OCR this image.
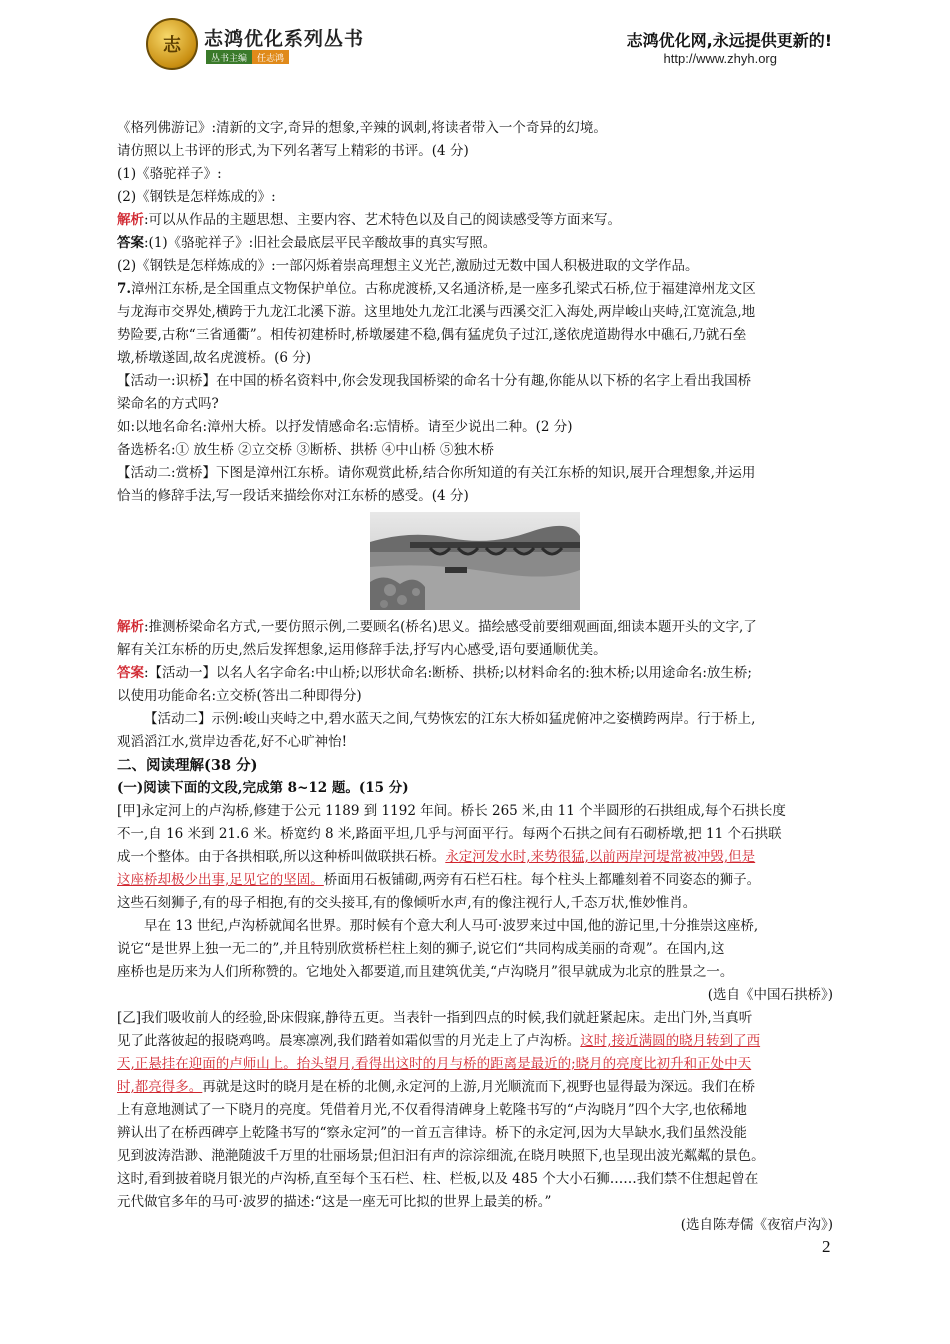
志 志鸿优化系列丛书
丛书主编	任志鸿
志鸿优化网,永远提供更新的!
http://www.zhyh.org
《格列佛游记》:清新的文字,奇异的想象,辛辣的讽刺,将读者带入一个奇异的幻境。
请仿照以上书评的形式,为下列名著写上精彩的书评。(4 分)
(1)《骆驼祥子》:
(2)《钢铁是怎样炼成的》:
解析:可以从作品的主题思想、主要内容、艺术特色以及自己的阅读感受等方面来写。
答案:(1)《骆驼祥子》:旧社会最底层平民辛酸故事的真实写照。
(2)《钢铁是怎样炼成的》:一部闪烁着崇高理想主义光芒,激励过无数中国人积极进取的文学作品。
7.漳州江东桥,是全国重点文物保护单位。古称虎渡桥,又名通济桥,是一座多孔梁式石桥,位于福建漳州龙文区
与龙海市交界处,横跨于九龙江北溪下游。这里地处九龙江北溪与西溪交汇入海处,两岸峻山夹峙,江宽流急,地
势险要,古称“三省通衢”。相传初建桥时,桥墩屡建不稳,偶有猛虎负子过江,遂依虎道勘得水中礁石,乃就石垒
墩,桥墩遂固,故名虎渡桥。(6 分)
【活动一:识桥】在中国的桥名资料中,你会发现我国桥梁的命名十分有趣,你能从以下桥的名字上看出我国桥
梁命名的方式吗?
如:以地名命名:漳州大桥。以抒发情感命名:忘情桥。请至少说出二种。(2 分)
备选桥名:① 放生桥 ②立交桥 ③断桥、拱桥 ④中山桥 ⑤独木桥
【活动二:赏桥】下图是漳州江东桥。请你观赏此桥,结合你所知道的有关江东桥的知识,展开合理想象,并运用
恰当的修辞手法,写一段话来描绘你对江东桥的感受。(4 分)
解析:推测桥梁命名方式,一要仿照示例,二要顾名(桥名)思义。描绘感受前要细观画面,细读本题开头的文字,了
解有关江东桥的历史,然后发挥想象,运用修辞手法,抒写内心感受,语句要通顺优美。
答案:【活动一】以名人名字命名:中山桥;以形状命名:断桥、拱桥;以材料命名的:独木桥;以用途命名:放生桥;
以使用功能命名:立交桥(答出二种即得分)
【活动二】示例:峻山夹峙之中,碧水蓝天之间,气势恢宏的江东大桥如猛虎俯冲之姿横跨两岸。行于桥上,
观滔滔江水,赏岸边香花,好不心旷神怡!
二、阅读理解(38 分)
(一)阅读下面的文段,完成第 8~12 题。(15 分)
[甲]永定河上的卢沟桥,修建于公元 1189 到 1192 年间。桥长 265 米,由 11 个半圆形的石拱组成,每个石拱长度
不一,自 16 米到 21.6 米。桥宽约 8 米,路面平坦,几乎与河面平行。每两个石拱之间有石砌桥墩,把 11 个石拱联
成一个整体。由于各拱相联,所以这种桥叫做联拱石桥。永定河发水时,来势很猛,以前两岸河堤常被冲毁,但是
这座桥却极少出事,足见它的坚固。桥面用石板铺砌,两旁有石栏石柱。每个柱头上都雕刻着不同姿态的狮子。
这些石刻狮子,有的母子相抱,有的交头接耳,有的像倾听水声,有的像注视行人,千态万状,惟妙惟肖。
早在 13 世纪,卢沟桥就闻名世界。那时候有个意大利人马可·波罗来过中国,他的游记里,十分推崇这座桥,
说它“是世界上独一无二的”,并且特别欣赏桥栏柱上刻的狮子,说它们“共同构成美丽的奇观”。在国内,这
座桥也是历来为人们所称赞的。它地处入都要道,而且建筑优美,“卢沟晓月”很早就成为北京的胜景之一。
(选自《中国石拱桥》)
[乙]我们吸收前人的经验,卧床假寐,静待五更。当表针一指到四点的时候,我们就赶紧起床。走出门外,当真听
见了此落彼起的报晓鸡鸣。晨寒凛冽,我们踏着如霜似雪的月光走上了卢沟桥。这时,接近满圆的晓月转到了西
天,正悬挂在迎面的卢师山上。抬头望月,看得出这时的月与桥的距离是最近的;晓月的亮度比初升和正处中天
时,都亮得多。再就是这时的晓月是在桥的北侧,永定河的上游,月光顺流而下,视野也显得最为深远。我们在桥
上有意地测试了一下晓月的亮度。凭借着月光,不仅看得清碑身上乾隆书写的“卢沟晓月”四个大字,也依稀地
辨认出了在桥西碑亭上乾隆书写的“察永定河”的一首五言律诗。桥下的永定河,因为大旱缺水,我们虽然没能
见到波涛浩渺、滟滟随波千万里的壮丽场景;但汩汩有声的淙淙细流,在晓月映照下,也呈现出波光粼粼的景色。
这时,看到披着晓月银光的卢沟桥,直至每个玉石栏、柱、栏板,以及 485 个大小石狮……我们禁不住想起曾在
元代做官多年的马可·波罗的描述:“这是一座无可比拟的世界上最美的桥。”
(选自陈寿儒《夜宿卢沟》)
2
